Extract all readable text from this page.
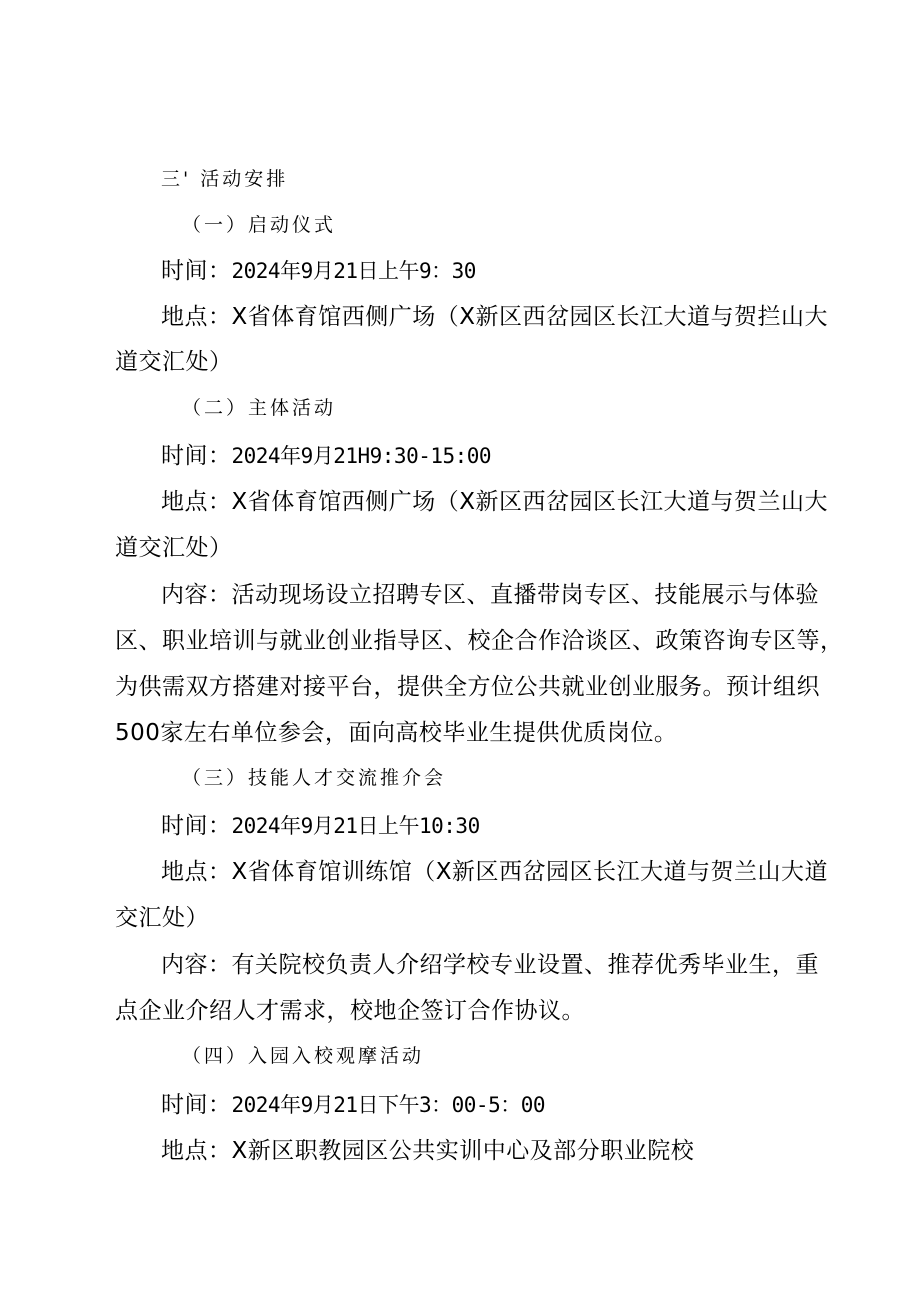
三' 活动安排
（一）启动仪式
时间：2024年9月21日上午9：30
地点：X省体育馆西侧广场（X新区西岔园区长江大道与贺拦山大
道交汇处）
（二）主体活动
时间：2024年9月21H9:30-15:00
地点：X省体育馆西侧广场（X新区西岔园区长江大道与贺兰山大
道交汇处）
内容：活动现场设立招聘专区、直播带岗专区、技能展示与体验
区、职业培训与就业创业指导区、校企合作洽谈区、政策咨询专区等，
为供需双方搭建对接平台，提供全方位公共就业创业服务。预计组织
500家左右单位参会，面向高校毕业生提供优质岗位。
（三）技能人才交流推介会
时间：2024年9月21日上午10:30
地点：X省体育馆训练馆（X新区西岔园区长江大道与贺兰山大道
交汇处）
内容：有关院校负责人介绍学校专业设置、推荐优秀毕业生，重
点企业介绍人才需求，校地企签订合作协议。
（四）入园入校观摩活动
时间：2024年9月21日下午3：00-5：00
地点：X新区职教园区公共实训中心及部分职业院校
